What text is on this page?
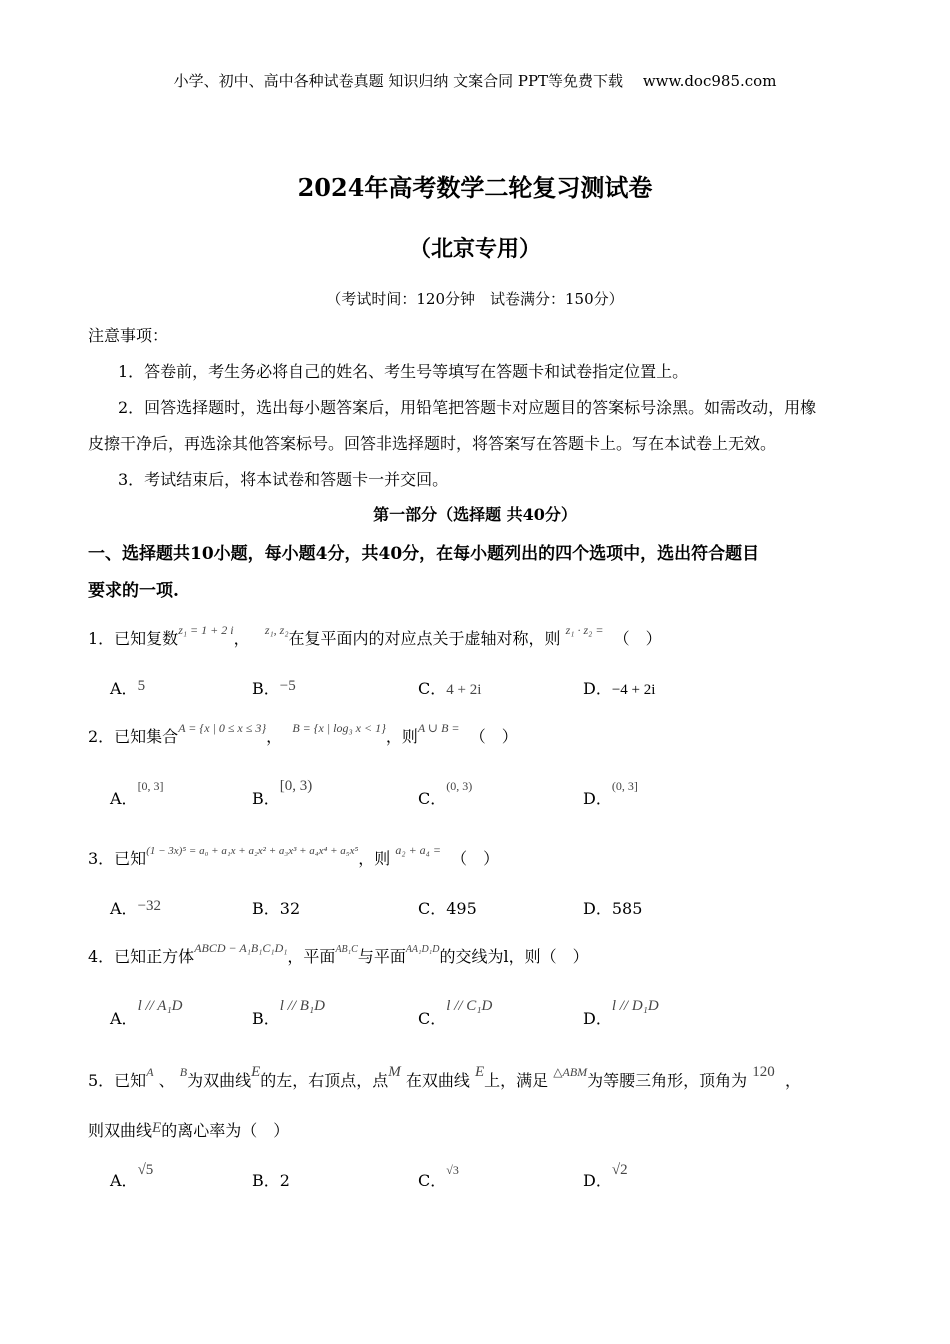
小学、初中、高中各种试卷真题 知识归纳 文案合同 PPT等免费下载　 www.doc985.com
2024年高考数学二轮复习测试卷
（北京专用）
（考试时间：120分钟　试卷满分：150分）
注意事项：
1．答卷前，考生务必将自己的姓名、考生号等填写在答题卡和试卷指定位置上。
2．回答选择题时，选出每小题答案后，用铅笔把答题卡对应题目的答案标号涂黑。如需改动，用橡
皮擦干净后，再选涂其他答案标号。回答非选择题时，将答案写在答题卡上。写在本试卷上无效。
3．考试结束后，将本试卷和答题卡一并交回。
第一部分（选择题 共40分）
一、选择题共10小题，每小题4分，共40分，在每小题列出的四个选项中，选出符合题目
要求的一项.
1．已知复数$^{z_1 = 1 + 2 i}$， $^{z_1, z_2}$在复平面内的对应点关于虚轴对称，则 $^{z_1 \cdot z_2 =}$ （　）
A．5	B．−5	C．4 + 2i	D．−4 + 2i
2．已知集合$^{A = \{x | 0 \le x \le 3\}}$， $^{B = \{x | log_3 x < 1\}}$，则$^{A \cup B =}$ （　）
A．[0, 3]
B．[0, 3)
C．$^{(0, 3)}$
D．$^{(0, 3]}$
3．已知$^{(1 - 3x)^5 = a_0 + a_1x + a_2x^2 + a_3x^3 + a_4x^4 + a_5x^5}$，则 $^{a_2 + a_4 =}$ （　）
A．−32	B．32	C．495	D．585
4．已知正方体$^{ABCD - A_1B_1C_1D_1}$，平面$^{AB_1C}$与平面$^{AA_1D_1D}$的交线为l，则（　）
A．l // A₁D
B．l // B₁D
C．l // C₁D
D．l // D₁D
5．已知$^A$ 、 $^B$为双曲线E的左，右顶点，点M 在双曲线 E上，满足 $^{\triangle ABM}$为等腰三角形，顶角为 120 ，
则双曲线E的离心率为（　）
A．√5
B．2	C．$^{√3}$
D．√2
